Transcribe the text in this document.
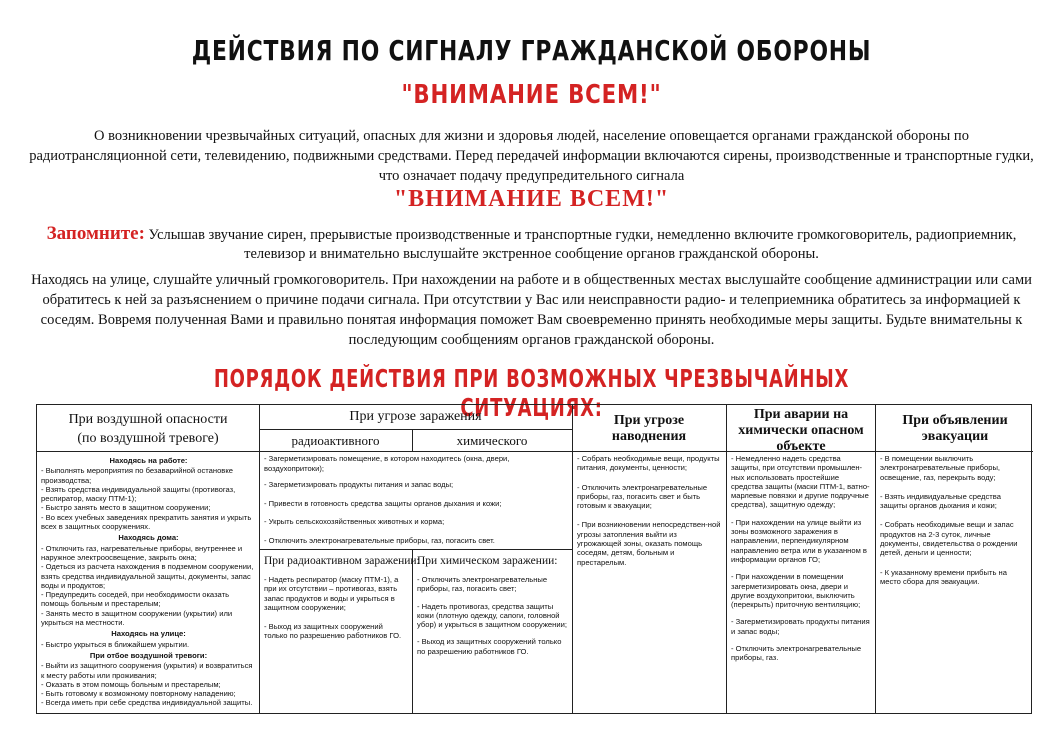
ДЕЙСТВИЯ ПО СИГНАЛУ ГРАЖДАНСКОЙ ОБОРОНЫ
"ВНИМАНИЕ ВСЕМ!"

О возникновении чрезвычайных ситуаций, опасных для жизни и здоровья людей, население оповещается органами гражданской обороны по радиотрансляционной сети, телевидению, подвижными средствами. Перед передачей информации включаются сирены, производственные и транспортные гудки, что означает подачу предупредительного сигнала

"ВНИМАНИЕ ВСЕМ!"

Запомните: Услышав звучание сирен, прерывистые производственные и транспортные гудки, немедленно включите громкоговоритель, радиоприемник, телевизор и внимательно выслушайте экстренное сообщение органов гражданской обороны.

Находясь на улице, слушайте уличный громкоговоритель. При нахождении на работе и в общественных местах выслушайте сообщение администрации или сами обратитесь к ней за разъяснением о причине подачи сигнала. При отсутствии у Вас или неисправности радио- и телеприемника обратитесь за информацией к соседям. Вовремя полученная Вами и правильно понятая информация поможет Вам своевременно принять необходимые меры защиты. Будьте внимательны к последующим сообщениям органов гражданской обороны.

ПОРЯДОК ДЕЙСТВИЯ ПРИ ВОЗМОЖНЫХ ЧРЕЗВЫЧАЙНЫХ СИТУАЦИЯХ:
При воздушной опасности
(по воздушной тревоге)
При угрозе заражения
радиоактивного	химического
При угрозе наводнения
При аварии на химически опасном объекте
При объявлении эвакуации
Находясь на работе:

- Выполнять мероприятия по безаварийной остановке производства;
- Взять средства индивидуальной защиты (противогаз, респиратор, маску ПТМ-1);
- Быстро занять место в защитном сооружении;
- Во всех учебных заведениях прекратить занятия и укрыть всех в защитных сооружениях.

Находясь дома:

- Отключить газ, нагревательные приборы, внутреннее и наружное электроосвещение, закрыть окна;
- Одеться из расчета нахождения в подземном сооружении, взять средства индивидуальной защиты, документы, запас воды и продуктов;
- Предупредить соседей, при необходимости оказать помощь больным и престарелым;
- Занять место в защитном сооружении (укрытии) или укрыться на местности.

Находясь на улице:

- Быстро укрыться в ближайшем укрытии.

При отбое воздушной тревоги:

- Выйти из защитного сооружения (укрытия) и возвратиться к месту работы или проживания;
- Оказать в этом помощь больным и престарелым;
- Быть готовому к возможному повторному нападению;
- Всегда иметь при себе средства индивидуальной защиты.

- Загерметизировать помещение, в котором находитесь (окна, двери, воздухопритоки);

- Загерметизировать продукты питания и запас воды;

- Привести в готовность средства защиты органов дыхания и кожи;

- Укрыть сельскохозяйственных животных и корма;

- Отключить электронагревательные приборы, газ, погасить свет.

При радиоактивном заражении:

- Надеть респиратор (маску ПТМ-1), а при их отсутствии – противогаз, взять запас продуктов и воды и укрыться в защитном сооружении;

- Выход из защитных сооружений только по разрешению работников ГО.

При химическом заражении:

- Отключить электронагревательные приборы, газ, погасить свет;

- Надеть противогаз, средства защиты кожи (плотную одежду, сапоги, головной убор) и укрыться в защитном сооружении;

- Выход из защитных сооружений только по разрешению работников ГО.

- Собрать необходимые вещи, продукты питания, документы, ценности;

- Отключить электронагревательные приборы, газ, погасить свет и быть готовым к эвакуации;

- При возникновении непосредствен-ной угрозы затопления выйти из угрожающей зоны, оказать помощь соседям, детям, больным и престарелым.

- Немедленно надеть средства защиты, при отсутствии промышлен-ных использовать простейшие средства защиты (маски ПТМ-1, ватно-марлевые повязки и другие подручные средства), защитную одежду;

- При нахождении на улице выйти из зоны возможного заражения в направлении, перпендикулярном направлению ветра или в указанном в информации органов ГО;

- При нахождении в помещении загерметизировать окна, двери и другие воздухопритоки, выключить (перекрыть) приточную вентиляцию;

- Загерметизировать продукты питания и запас воды;

- Отключить электронагревательные приборы, газ.

- В помещении выключить электронагревательные приборы, освещение, газ, перекрыть воду;

- Взять индивидуальные средства защиты органов дыхания и кожи;

- Собрать необходимые вещи и запас продуктов на 2-3 суток, личные документы, свидетельства о рождении детей, деньги и ценности;

- К указанному времени прибыть на место сбора для эвакуации.
